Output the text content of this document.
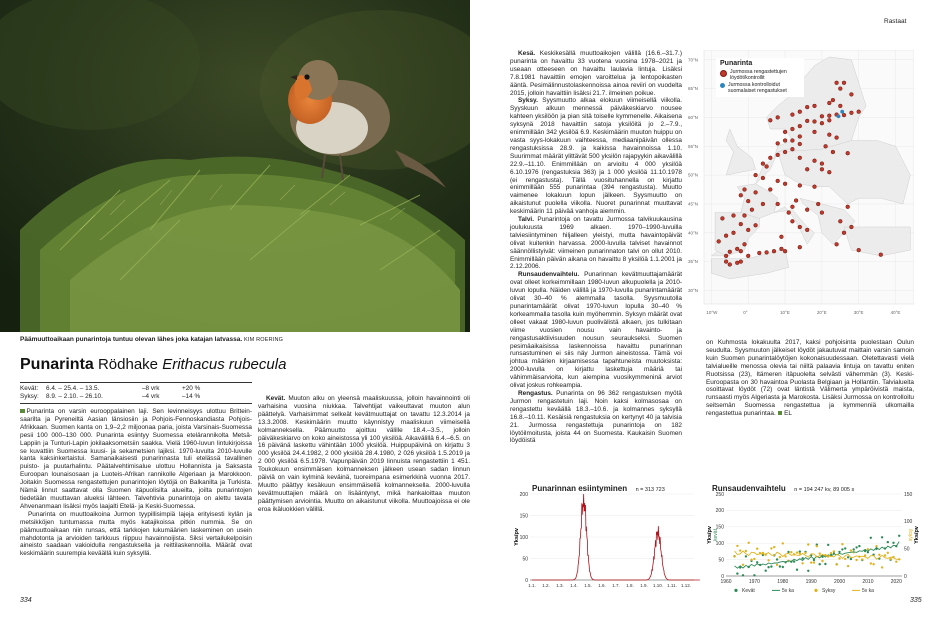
Päämuuttoaikaan punarintoja tuntuu olevan lähes joka katajan latvassa. KIM ROERING
Punarinta Rödhake Erithacus rubecula
Kevät:	6.4. – 25.4. – 13.5.	–8 vrk	+20 %
Syksy:	8.9. – 2.10. – 26.10.	–4 vrk	–14 %

Punarinta on varsin eurooppalainen laji. Sen levinneisyys ulottuu Britteinsaarilta ja Pyreneiltä Aasian länsiosiin ja Pohjois-Fennoskandiasta Pohjois-Afrikkaan. Suomen kanta on 1,9–2,2 miljoonaa paria, joista Varsinais-Suomessa pesii 100 000–130 000. Punarinta esiintyy Suomessa etelärannikolta Metsä-Lappiin ja Tunturi-Lapin jokilaaksometsiin saakka. Vielä 1960-luvun lintukirjoissa se kuvattiin Suomessa kuusi- ja sekametsien lajiksi. 1970-luvulta 2010-luvulle kanta kaksinkertaistui. Samanaikaisesti punarinnasta tuli etelässä tavallinen puisto- ja puutarhalintu. Päätalvehtimisalue ulottuu Hollannista ja Saksasta Euroopan lounaisosaan ja Luoteis-Afrikan rannikolle Algeriaan ja Marokkoon. Joitakin Suomessa rengastettujen punarintojen löytöjä on Balkanilta ja Turkista. Nämä linnut saattavat olla Suomen itäpuolisilta alueilta, joilta punarintojen tiedetään muuttavan alueksi lähteen. Talvehtivia punarintoja on alettu tavata Ahvenanmaan lisäksi myös laajalti Etelä- ja Keski-Suomessa.

Punarinta on muuttoaikoina Jurmon tyypillisimpiä lajeja erityisesti kylän ja metsikköjen tuntumassa mutta myös katajikoissa pitkin nummia. Se on päämuuttoaikaan niin runsas, että tarkkojen lukumäärien laskeminen on usein mahdotonta ja arvioiden tarkkuus riippuu havainnoijista. Siksi vertailukelpoisin aineisto saadaan vakioidulla rengastuksella ja reittilaskennoilla. Määrät ovat keskimäärin suurempia keväällä kuin syksyllä.

Kevät. Muuton alku on yleensä maaliskuussa, jolloin havainnointi oli varhaisina vuosina niukkaa. Talvehtijat vaikeuttavat muuton alun päättelyä. Varhaisimmat selkeät kevätmuuttajat on tavattu 12.3.2014 ja 13.3.2008. Keskimäärin muutto käynnistyy maaliskuun viimeisellä kolmanneksella. Päämuutto ajoittuu välille 18.4.–3.5., jolloin päiväkeskiarvo on koko aineistossa yli 100 yksilöä. Aikavälillä 6.4.–6.5. on 16 päivänä laskettu vähintään 1000 yksilöä. Huippupäivinä on kirjattu 3 000 yksilöä 24.4.1982, 2 000 yksilöä 28.4.1980, 2 026 yksilöä 1.5.2019 ja 2 000 yksilöä 6.5.1978. Vapunpäivän 2019 linnuista rengastettiin 1 451. Toukokuun ensimmäisen kolmanneksen jälkeen usean sadan linnun päiviä on vain kylminä keväinä, tuoreimpana esimerkkinä vuonna 2017. Muutto päättyy kesäkuun ensimmäisellä kolmanneksella. 2000-luvulla kevätmuuttajien määrä on lisääntynyt, mikä hankaloittaa muuton päättymisen arviointia. Muutto on aikaistunut viikolla. Muuttoajoissa ei ole eroa ikäluokkien välillä.

334	335
Rastaat

Kesä. Keskikesällä muuttoaikojen välillä (16.6.–31.7.) punarinta on havaittu 33 vuotena vuosina 1978–2021 ja useaan otteeseen on havaittu laulavia lintuja. Lisäksi 7.8.1981 havaittiin emojen varoittelua ja lentopoikasten ääntä. Pesimälinnustolaskennoissa ainoa reviiri on vuodelta 2015, jolloin havaittiin lisäksi 21.7. ilmeinen poikue.

Syksy. Syysmuutto alkaa elokuun viimeisellä viikolla. Syyskuun alkuun mennessä päiväkeskiarvo nousee kahteen yksilöön ja pian sitä toiselle kymmenelle. Aikaisena syksynä 2018 havaittiin satoja yksilöitä jo 2.–7.9., enimmillään 342 yksilöä 6.9. Keskimäärin muuton huippu on vasta syys-lokakuun vaihteessa, mediaanipäivän ollessa rengastuksissa 28.9. ja kaikissa havainnoissa 1.10. Suurimmat määrät ylittävät 500 yksilön rajapyykin aikavälillä 22.9.–11.10. Enimmillään on arvioitu 4 000 yksilöä 6.10.1976 (rengastuksia 363) ja 1 000 yksilöä 11.10.1978 (ei rengastusta). Tällä vuosituhannella on kirjattu enimmillään 555 punarintaa (394 rengastusta). Muutto vaimenee lokakuun lopun jälkeen. Syysmuutto on aikaistunut puolella viikolla. Nuoret punarinnat muuttavat keskimäärin 11 päivää vanhoja aiemmin.

Talvi. Punarintoja on tavattu Jurmossa talvikuukausina joulukuusta 1969 alkaen. 1970–1990-luvuilla talviesiintyminen hiljalleen yleistyi, mutta havaintopäivät olivat kuitenkin harvassa. 2000-luvulla talviset havainnot säännöllistyivät: viimeinen punarinnaton talvi on ollut 2010. Enimmillään päivän aikana on havaittu 8 yksilöä 1.1.2001 ja 2.12.2006.

Runsaudenvaihtelu. Punarinnan kevätmuuttajamäärät ovat olleet korkeimmillaan 1980-luvun alkupuolella ja 2010-luvun lopulla. Näiden välillä ja 1970-luvulla punarintamäärät olivat 30–40 % alemmalla tasolla. Syysmuutolla punarintamäärät olivat 1970-luvun lopulla 30–40 % korkeammalla tasolla kuin myöhemmin. Syksyn määrät ovat olleet vakaat 1980-luvun puolivälistä alkaen, jos tulkitaan viime vuosien nousu vain havainto- ja rengastusaktiivisuuden nousun seuraukseksi. Suomen pesimäaikaisissa laskennoissa havaittu punarinnan runsastuminen ei siis näy Jurmon aineistossa. Tämä voi johtua määrien kirjaamisessa tapahtuneista muutoksista: 2000-luvulla on kirjattu laskettuja määriä tai vähimmäisarvioita, kun aiempina vuosikymmeninä arviot olivat joskus rohkeampia.

Rengastus. Punarinta on 96 362 rengastuksen myötä Jurmon rengastetuin laji. Noin kaksi kolmasosaa on rengastettu keväällä 18.3.–10.6. ja kolmannes syksyllä 16.8.–10.11. Kesäisiä rengastuksia on kertynyt 40 ja talvisia 21. Jurmossa rengastettuja punarintoja on 182 löytöilmoitusta, joista 44 on Suomesta. Kaukaisin Suomen löydöistä

on Kuhmosta lokakuulta 2017, kaksi pohjoisinta puolestaan Oulun seudulta. Syysmuuton jälkeiset löydöt jakautuvat maittain varsin samoin kuin Suomen punarintalöytöjen kokonaisuudessaan. Oletettavasti vielä talvialueille menossa olevia tai niiltä palaavia lintuja on tavattu eniten Ruotsissa (23), Itämeren itäpuolelta selvästi vähemmän (3). Keski-Euroopasta on 30 havaintoa Puolasta Belgiaan ja Hollantiin. Talvialueita osoittavat löydöt (72) ovat läntistä Välimerta ympäröivistä maista, runsaasti myös Algeriasta ja Marokosta. Lisäksi Jurmossa on kontrolloitu seitsemän Suomessa rengastettua ja kymmenniä ulkomailla rengastettua punarintaa. EL

70°N
65°N
60°N
55°N
50°N
45°N
40°N
35°N
30°N
10°W	0°	10°E	20°E	30°E	40°E
Punarinta
Jurmossa rengastettujen löydöt/kontrollit
Jurmossa kontrolloidut suomalaiset rengastukset
Punarinnan esiintyminen n = 313 723
0
50
100
150
200
Yks/pv
1.1. 1.2. 1.3. 1.4. 1.5. 1.6. 1.7. 1.8. 1.9. 1.10. 1.11. 1.12.
Runsaudenvaihtelu n = 194 247 kv, 89 005 s
0
50
100
150
200
250
0
50
100
150
Yks/pv kevät	syksy Yks/pv
1960	1970	1980	1990	2000	2010	2020
Kevät	5v ka	Syksy	5v ka
